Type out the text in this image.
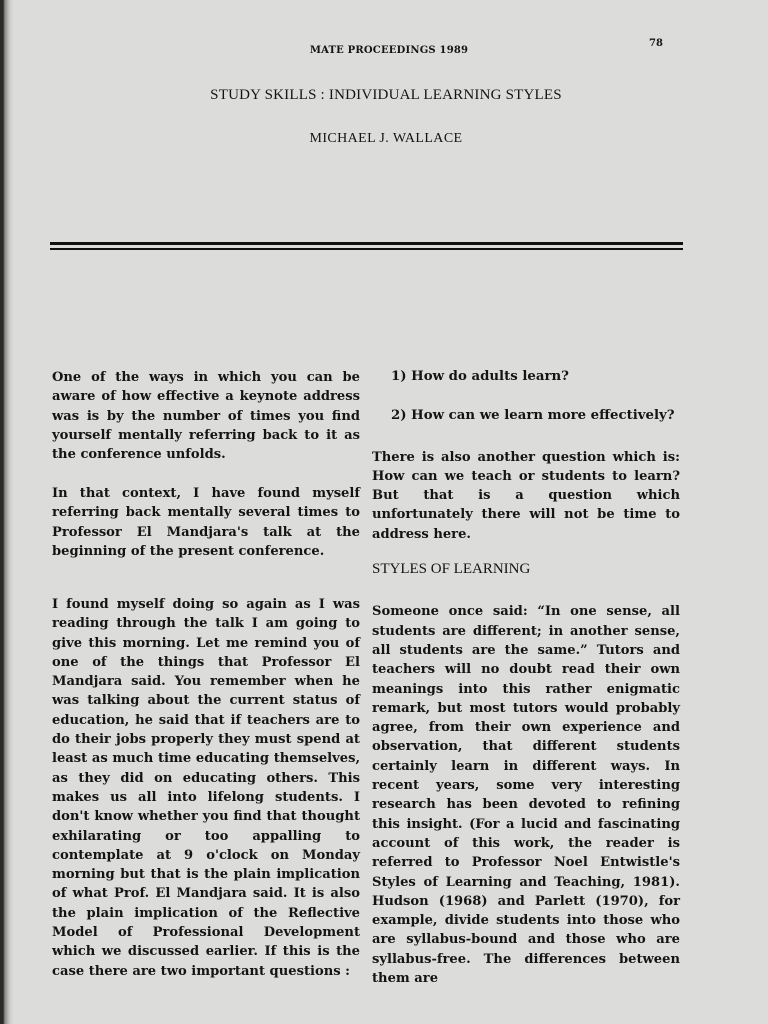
78
MATE PROCEEDINGS 1989
STUDY SKILLS : INDIVIDUAL LEARNING STYLES
MICHAEL J. WALLACE

One of the ways in which you can be aware of how effective a keynote address was is by the number of times you find yourself mentally referring back to it as the conference unfolds.

In that context, I have found myself referring back mentally several times to Professor El Mandjara's talk at the beginning of the present conference.

I found myself doing so again as I was reading through the talk I am going to give this morning. Let me remind you of one of the things that Professor El Mandjara said. You remember when he was talking about the current status of education, he said that if teachers are to do their jobs properly they must spend at least as much time educating themselves, as they did on educating others. This makes us all into lifelong students. I don't know whether you find that thought exhilarating or too appalling to contemplate at 9 o'clock on Monday morning but that is the plain implication of what Prof. El Mandjara said. It is also the plain implication of the Reflective Model of Professional Development which we discussed earlier. If this is the case there are two important questions :

1) How do adults learn?

2) How can we learn more effectively?

There is also another question which is: How can we teach or students to learn? But that is a question which unfortunately there will not be time to address here.

STYLES OF LEARNING

Someone once said: “In one sense, all students are different; in another sense, all students are the same.” Tutors and teachers will no doubt read their own meanings into this rather enigmatic remark, but most tutors would probably agree, from their own experience and observation, that different students certainly learn in different ways. In recent years, some very interesting research has been devoted to refining this insight. (For a lucid and fascinating account of this work, the reader is referred to Professor Noel Entwistle's Styles of Learning and Teaching, 1981). Hudson (1968) and Parlett (1970), for example, divide students into those who are syllabus-bound and those who are syllabus-free. The differences between them are
